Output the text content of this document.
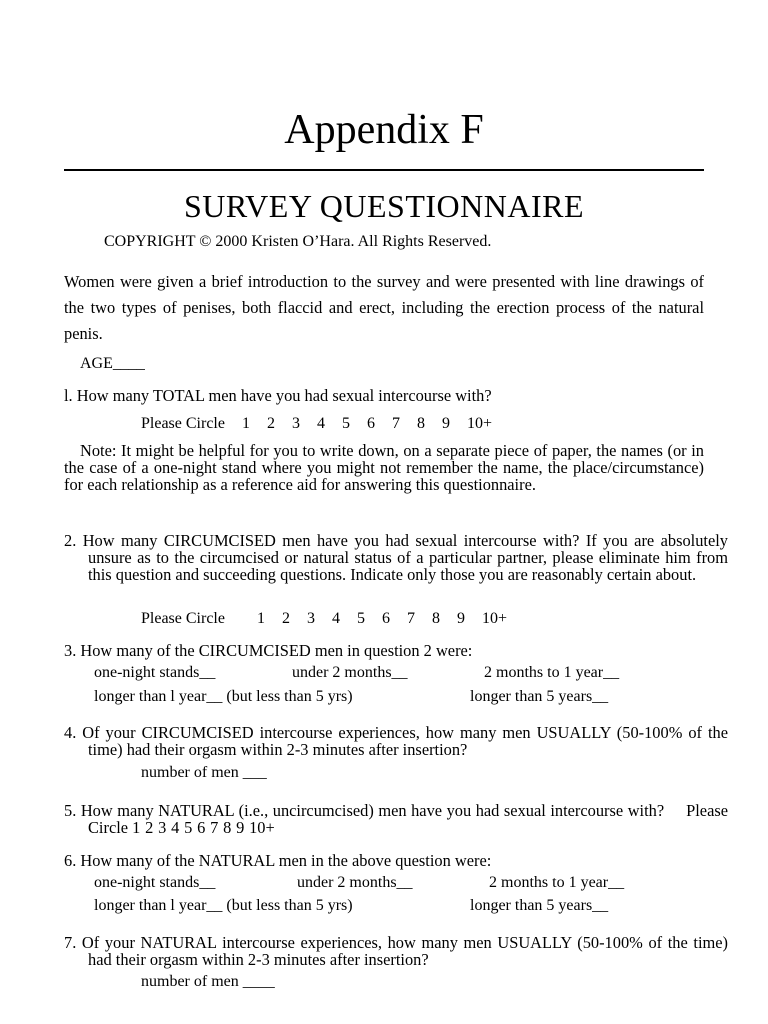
Appendix F
SURVEY QUESTIONNAIRE
COPYRIGHT © 2000 Kristen O’Hara. All Rights Reserved.
Women were given a brief introduction to the survey and were presented with line drawings of the two types of penises, both flaccid and erect, including the erection process of the natural penis.
AGE____
l. How many TOTAL men have you had sexual intercourse with?
Please Circle 1 2 3 4 5 6 7 8 9 10+
Note: It might be helpful for you to write down, on a separate piece of paper, the names (or in the case of a one-night stand where you might not remember the name, the place/circumstance) for each relationship as a reference aid for answering this questionnaire.
2. How many CIRCUMCISED men have you had sexual intercourse with? If you are absolutely unsure as to the circumcised or natural status of a particular partner, please eliminate him from this question and succeeding questions. Indicate only those you are reasonably certain about.
Please Circle 1 2 3 4 5 6 7 8 9 10+
3. How many of the CIRCUMCISED men in question 2 were:
one-night stands__	under 2 months__	2 months to 1 year__
longer than l year__ (but less than 5 yrs)	longer than 5 years__
4. Of your CIRCUMCISED intercourse experiences, how many men USUALLY (50-100% of the time) had their orgasm within 2-3 minutes after insertion?
number of men ___
5. How many NATURAL (i.e., uncircumcised) men have you had sexual intercourse with? Please Circle 1 2 3 4 5 6 7 8 9 10+
6. How many of the NATURAL men in the above question were:
one-night stands__	under 2 months__	2 months to 1 year__
longer than l year__ (but less than 5 yrs)	longer than 5 years__
7. Of your NATURAL intercourse experiences, how many men USUALLY (50-100% of the time) had their orgasm within 2-3 minutes after insertion?
number of men ____
